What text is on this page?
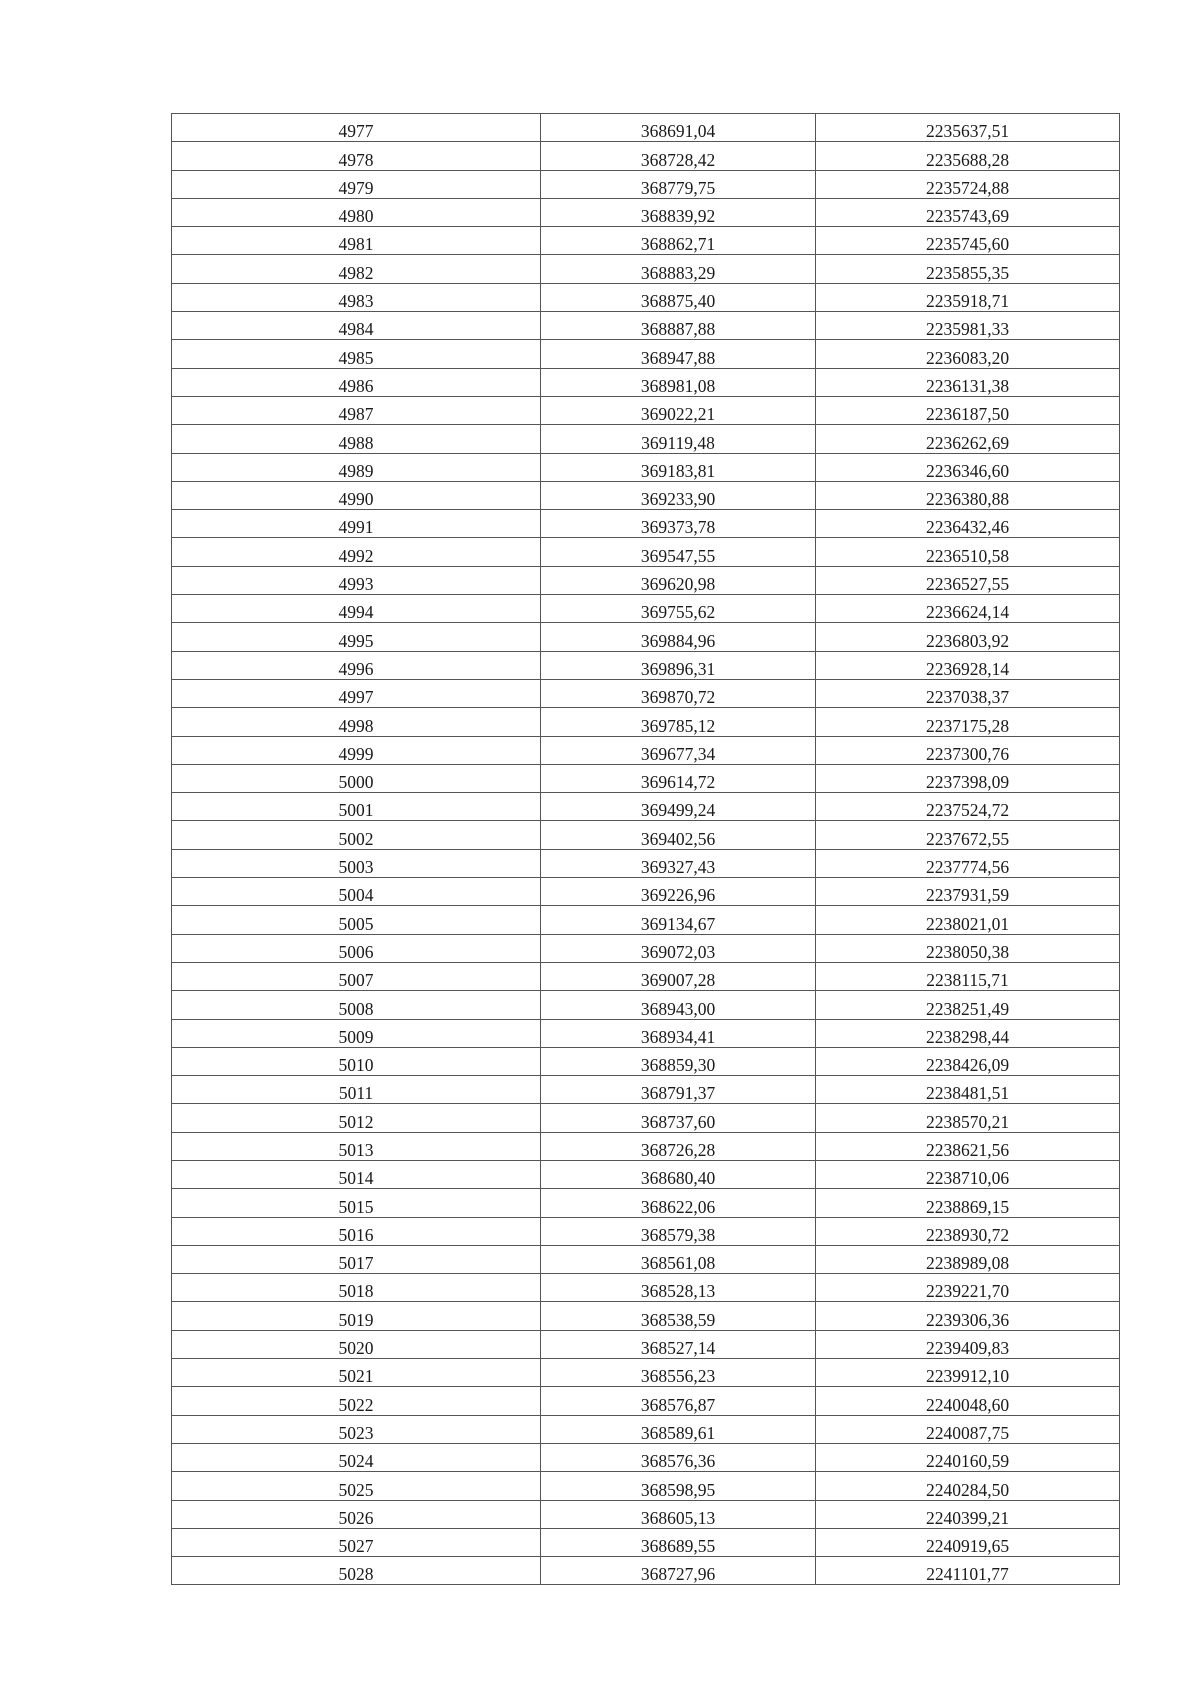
4977	368691,04	2235637,51
4978	368728,42	2235688,28
4979	368779,75	2235724,88
4980	368839,92	2235743,69
4981	368862,71	2235745,60
4982	368883,29	2235855,35
4983	368875,40	2235918,71
4984	368887,88	2235981,33
4985	368947,88	2236083,20
4986	368981,08	2236131,38
4987	369022,21	2236187,50
4988	369119,48	2236262,69
4989	369183,81	2236346,60
4990	369233,90	2236380,88
4991	369373,78	2236432,46
4992	369547,55	2236510,58
4993	369620,98	2236527,55
4994	369755,62	2236624,14
4995	369884,96	2236803,92
4996	369896,31	2236928,14
4997	369870,72	2237038,37
4998	369785,12	2237175,28
4999	369677,34	2237300,76
5000	369614,72	2237398,09
5001	369499,24	2237524,72
5002	369402,56	2237672,55
5003	369327,43	2237774,56
5004	369226,96	2237931,59
5005	369134,67	2238021,01
5006	369072,03	2238050,38
5007	369007,28	2238115,71
5008	368943,00	2238251,49
5009	368934,41	2238298,44
5010	368859,30	2238426,09
5011	368791,37	2238481,51
5012	368737,60	2238570,21
5013	368726,28	2238621,56
5014	368680,40	2238710,06
5015	368622,06	2238869,15
5016	368579,38	2238930,72
5017	368561,08	2238989,08
5018	368528,13	2239221,70
5019	368538,59	2239306,36
5020	368527,14	2239409,83
5021	368556,23	2239912,10
5022	368576,87	2240048,60
5023	368589,61	2240087,75
5024	368576,36	2240160,59
5025	368598,95	2240284,50
5026	368605,13	2240399,21
5027	368689,55	2240919,65
5028	368727,96	2241101,77
